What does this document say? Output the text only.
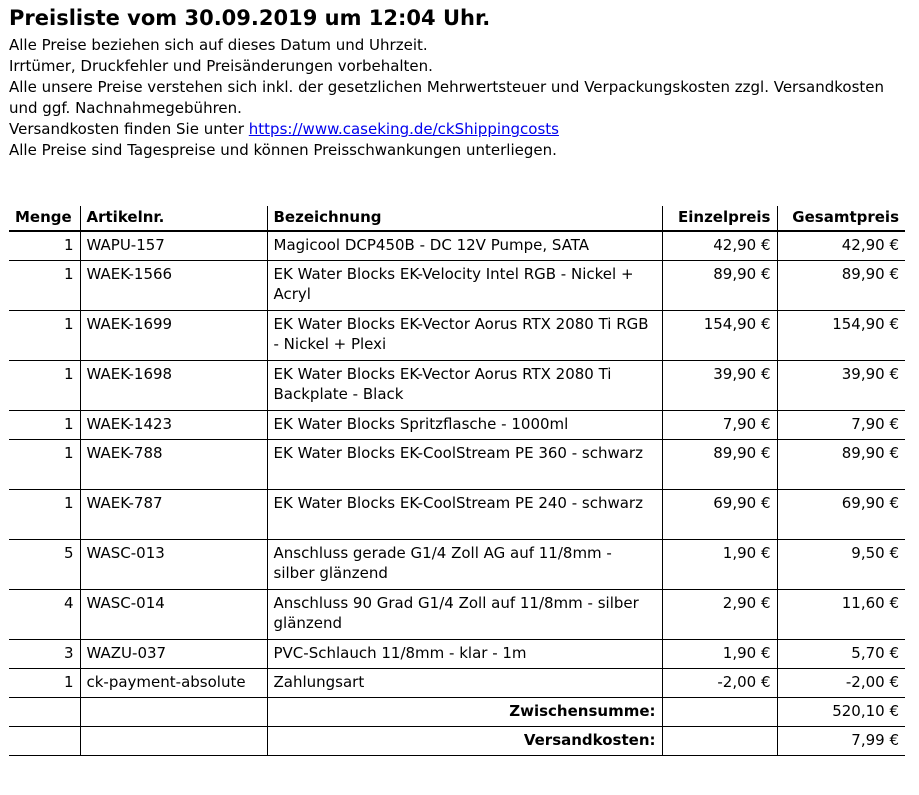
Preisliste vom 30.09.2019 um 12:04 Uhr.
Alle Preise beziehen sich auf dieses Datum und Uhrzeit.
Irrtümer, Druckfehler und Preisänderungen vorbehalten.
Alle unsere Preise verstehen sich inkl. der gesetzlichen Mehrwertsteuer und Verpackungskosten zzgl. Versandkosten und ggf. Nachnahmegebühren.
Versandkosten finden Sie unter https://www.caseking.de/ckShippingcosts
Alle Preise sind Tagespreise und können Preisschwankungen unterliegen.
Menge	Artikelnr.	Bezeichnung	Einzelpreis	Gesamtpreis
1	WAPU-157	Magicool DCP450B - DC 12V Pumpe, SATA	42,90 €	42,90 €
1	WAEK-1566	EK Water Blocks EK-Velocity Intel RGB - Nickel + Acryl	89,90 €	89,90 €
1	WAEK-1699	EK Water Blocks EK-Vector Aorus RTX 2080 Ti RGB - Nickel + Plexi	154,90 €	154,90 €
1	WAEK-1698	EK Water Blocks EK-Vector Aorus RTX 2080 Ti Backplate - Black	39,90 €	39,90 €
1	WAEK-1423	EK Water Blocks Spritzflasche - 1000ml	7,90 €	7,90 €
1	WAEK-788	EK Water Blocks EK-CoolStream PE 360 - schwarz	89,90 €	89,90 €
1	WAEK-787	EK Water Blocks EK-CoolStream PE 240 - schwarz	69,90 €	69,90 €
5	WASC-013	Anschluss gerade G1/4 Zoll AG auf 11/8mm - silber glänzend	1,90 €	9,50 €
4	WASC-014	Anschluss 90 Grad G1/4 Zoll auf 11/8mm - silber glänzend	2,90 €	11,60 €
3	WAZU-037	PVC-Schlauch 11/8mm - klar - 1m	1,90 €	5,70 €
1	ck-payment-absolute	Zahlungsart	-2,00 €	-2,00 €
		Zwischensumme:		520,10 €
		Versandkosten:		7,99 €
